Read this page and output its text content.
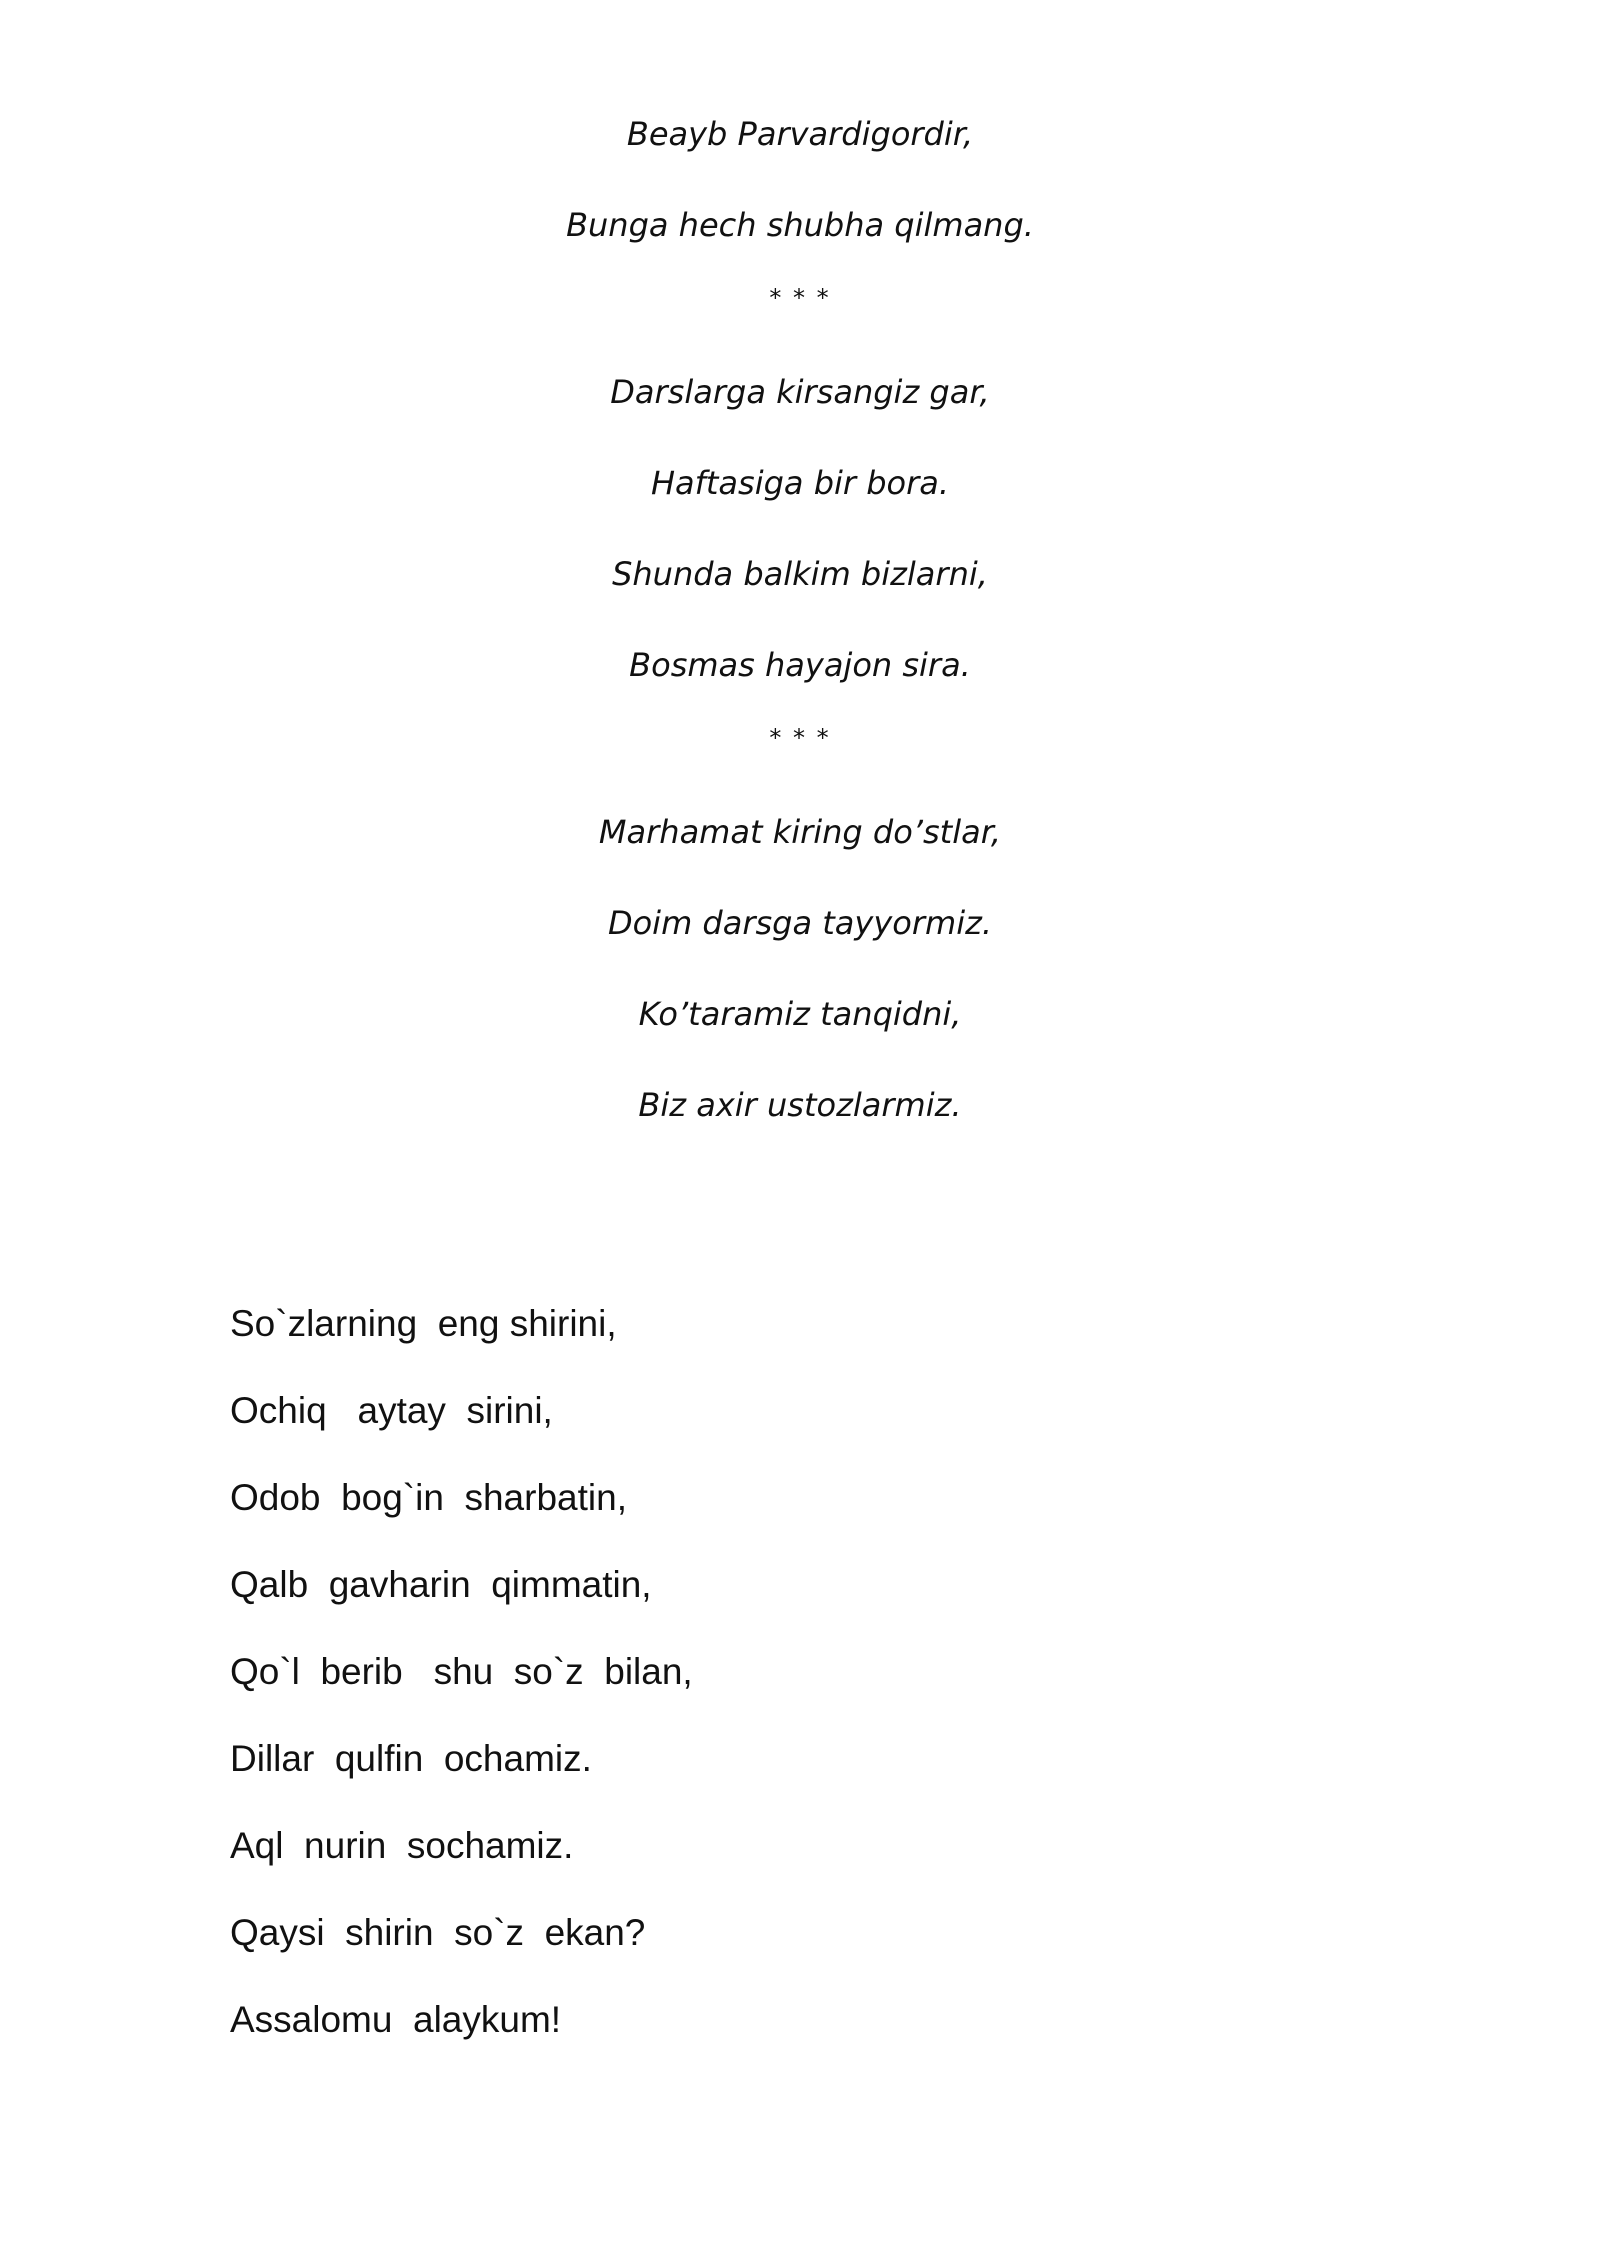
Beayb Parvardigordir,
Bunga hech shubha qilmang.
* * *
Darslarga kirsangiz gar,
Haftasiga bir bora.
Shunda balkim bizlarni,
Bosmas hayajon sira.
* * *
Marhamat kiring do’stlar,
Doim darsga tayyormiz.
Ko’taramiz tanqidni,
Biz axir ustozlarmiz.
So`zlarning  eng shirini,
Ochiq   aytay  sirini,
Odob  bog`in  sharbatin,
Qalb  gavharin  qimmatin,
Qo`l  berib   shu  so`z  bilan,
Dillar  qulfin  ochamiz.
Aql  nurin  sochamiz.
Qaysi  shirin  so`z  ekan?
Assalomu  alaykum!
